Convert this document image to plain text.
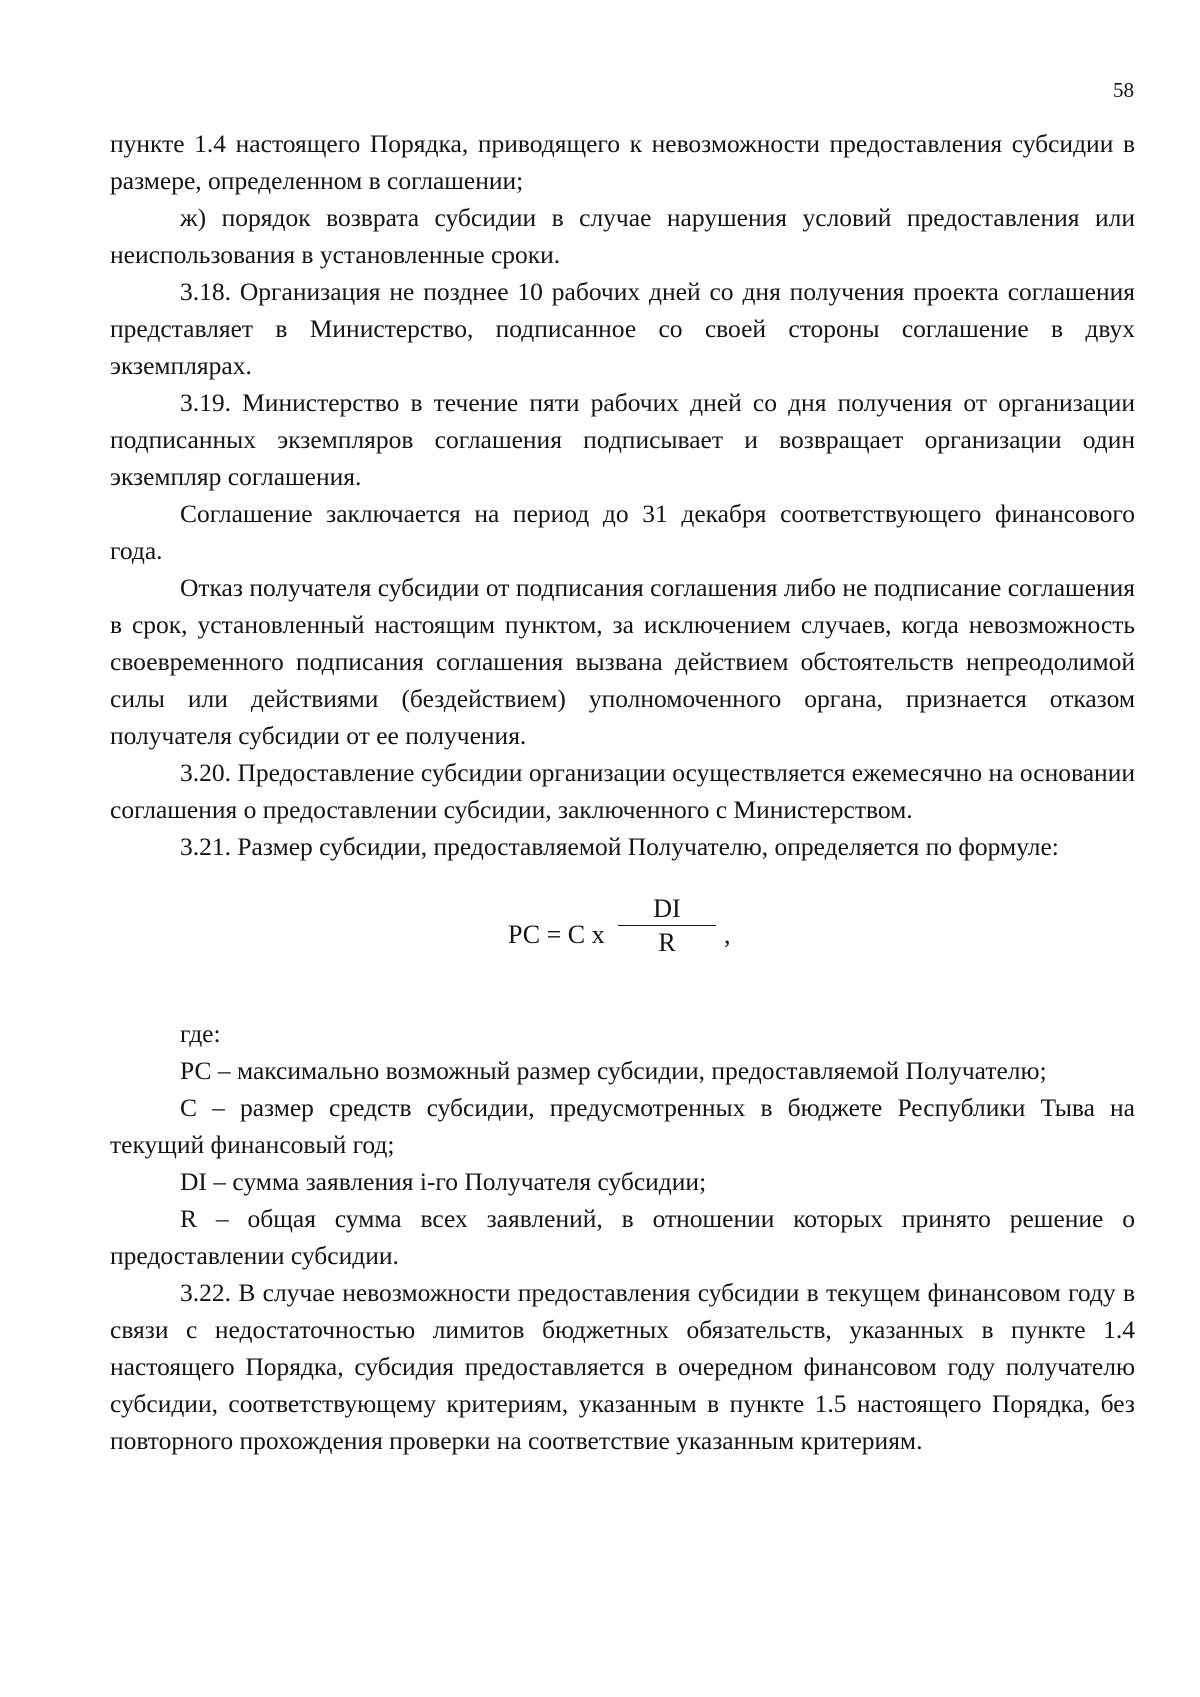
58

пункте 1.4 настоящего Порядка, приводящего к невозможности предоставления субсидии в размере, определенном в соглашении;

ж) порядок возврата субсидии в случае нарушения условий предоставления или неиспользования в установленные сроки.

3.18. Организация не позднее 10 рабочих дней со дня получения проекта соглашения представляет в Министерство, подписанное со своей стороны соглашение в двух экземплярах.

3.19. Министерство в течение пяти рабочих дней со дня получения от организации подписанных экземпляров соглашения подписывает и возвращает организации один экземпляр соглашения.

Соглашение заключается на период до 31 декабря соответствующего финансового года.

Отказ получателя субсидии от подписания соглашения либо не подписание соглашения в срок, установленный настоящим пунктом, за исключением случаев, когда невозможность своевременного подписания соглашения вызвана действием обстоятельств непреодолимой силы или действиями (бездействием) уполномоченного органа, признается отказом получателя субсидии от ее получения.

3.20. Предоставление субсидии организации осуществляется ежемесячно на основании соглашения о предоставлении субсидии, заключенного с Министерством.

3.21. Размер субсидии, предоставляемой Получателю, определяется по формуле:

РС = С х
DI
R	,

где:

РС – максимально возможный размер субсидии, предоставляемой Получателю;

С – размер средств субсидии, предусмотренных в бюджете Республики Тыва на текущий финансовый год;

DI – сумма заявления i-го Получателя субсидии;

R – общая сумма всех заявлений, в отношении которых принято решение о предоставлении субсидии.

3.22. В случае невозможности предоставления субсидии в текущем финансовом году в связи с недостаточностью лимитов бюджетных обязательств, указанных в пункте 1.4 настоящего Порядка, субсидия предоставляется в очередном финансовом году получателю субсидии, соответствующему критериям, указанным в пункте 1.5 настоящего Порядка, без повторного прохождения проверки на соответствие указанным критериям.
